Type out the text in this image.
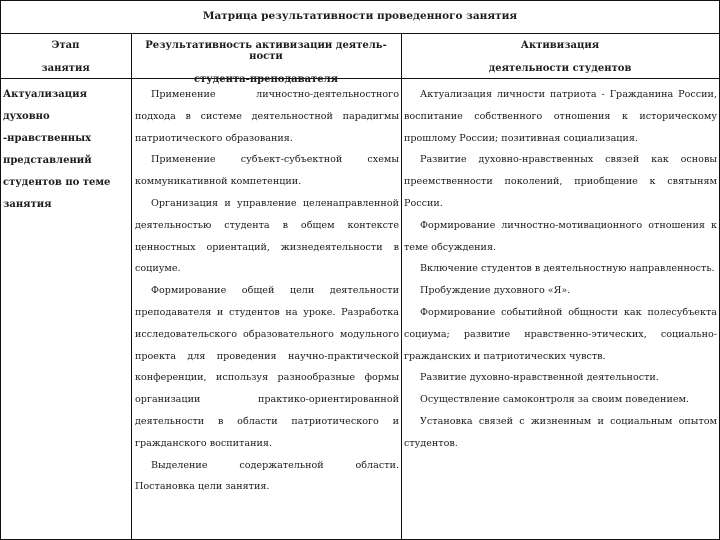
Матрица результативности проведенного занятия
Этап
занятия
Результативность активизации деятель-ности
студента-преподавателя
Активизация
деятельности студентов

Актуализация духовно

-нравственных

представлений

студентов по теме

занятия

Применение личностно-деятельностного подхода в системе деятельностной парадигмы патриотического образования.

Применение субъект-субъектной схемы коммуникативной компетенции.

Организация и управление целенаправленной деятельностью студента в общем контексте ценностных ориентаций, жизнедеятельности в социуме.

Формирование общей цели деятельности преподавателя и студентов на уроке. Разработка исследовательского образовательного модульного проекта для проведения научно-практической конференции, используя разнообразные формы организации практико-ориентированной деятельности в области патриотического и гражданского воспитания.

Выделение содержательной области. Постановка цели занятия.

Актуализация личности патриота - Гражданина России, воспитание собственного отношения к историческому прошлому России; позитивная социализация.

Развитие духовно-нравственных связей как основы преемственности поколений, приобщение к святыням России.

Формирование личностно-мотивационного отношения к теме обсуждения.

Включение студентов в деятельностную направленность.

Пробуждение духовного «Я».

Формирование событийной общности как полесубъекта социума; развитие нравственно-этических, социально-гражданских и патриотических чувств.

Развитие духовно-нравственной деятельности.

Осуществление самоконтроля за своим поведением.

Установка связей с жизненным и социальным опытом студентов.
